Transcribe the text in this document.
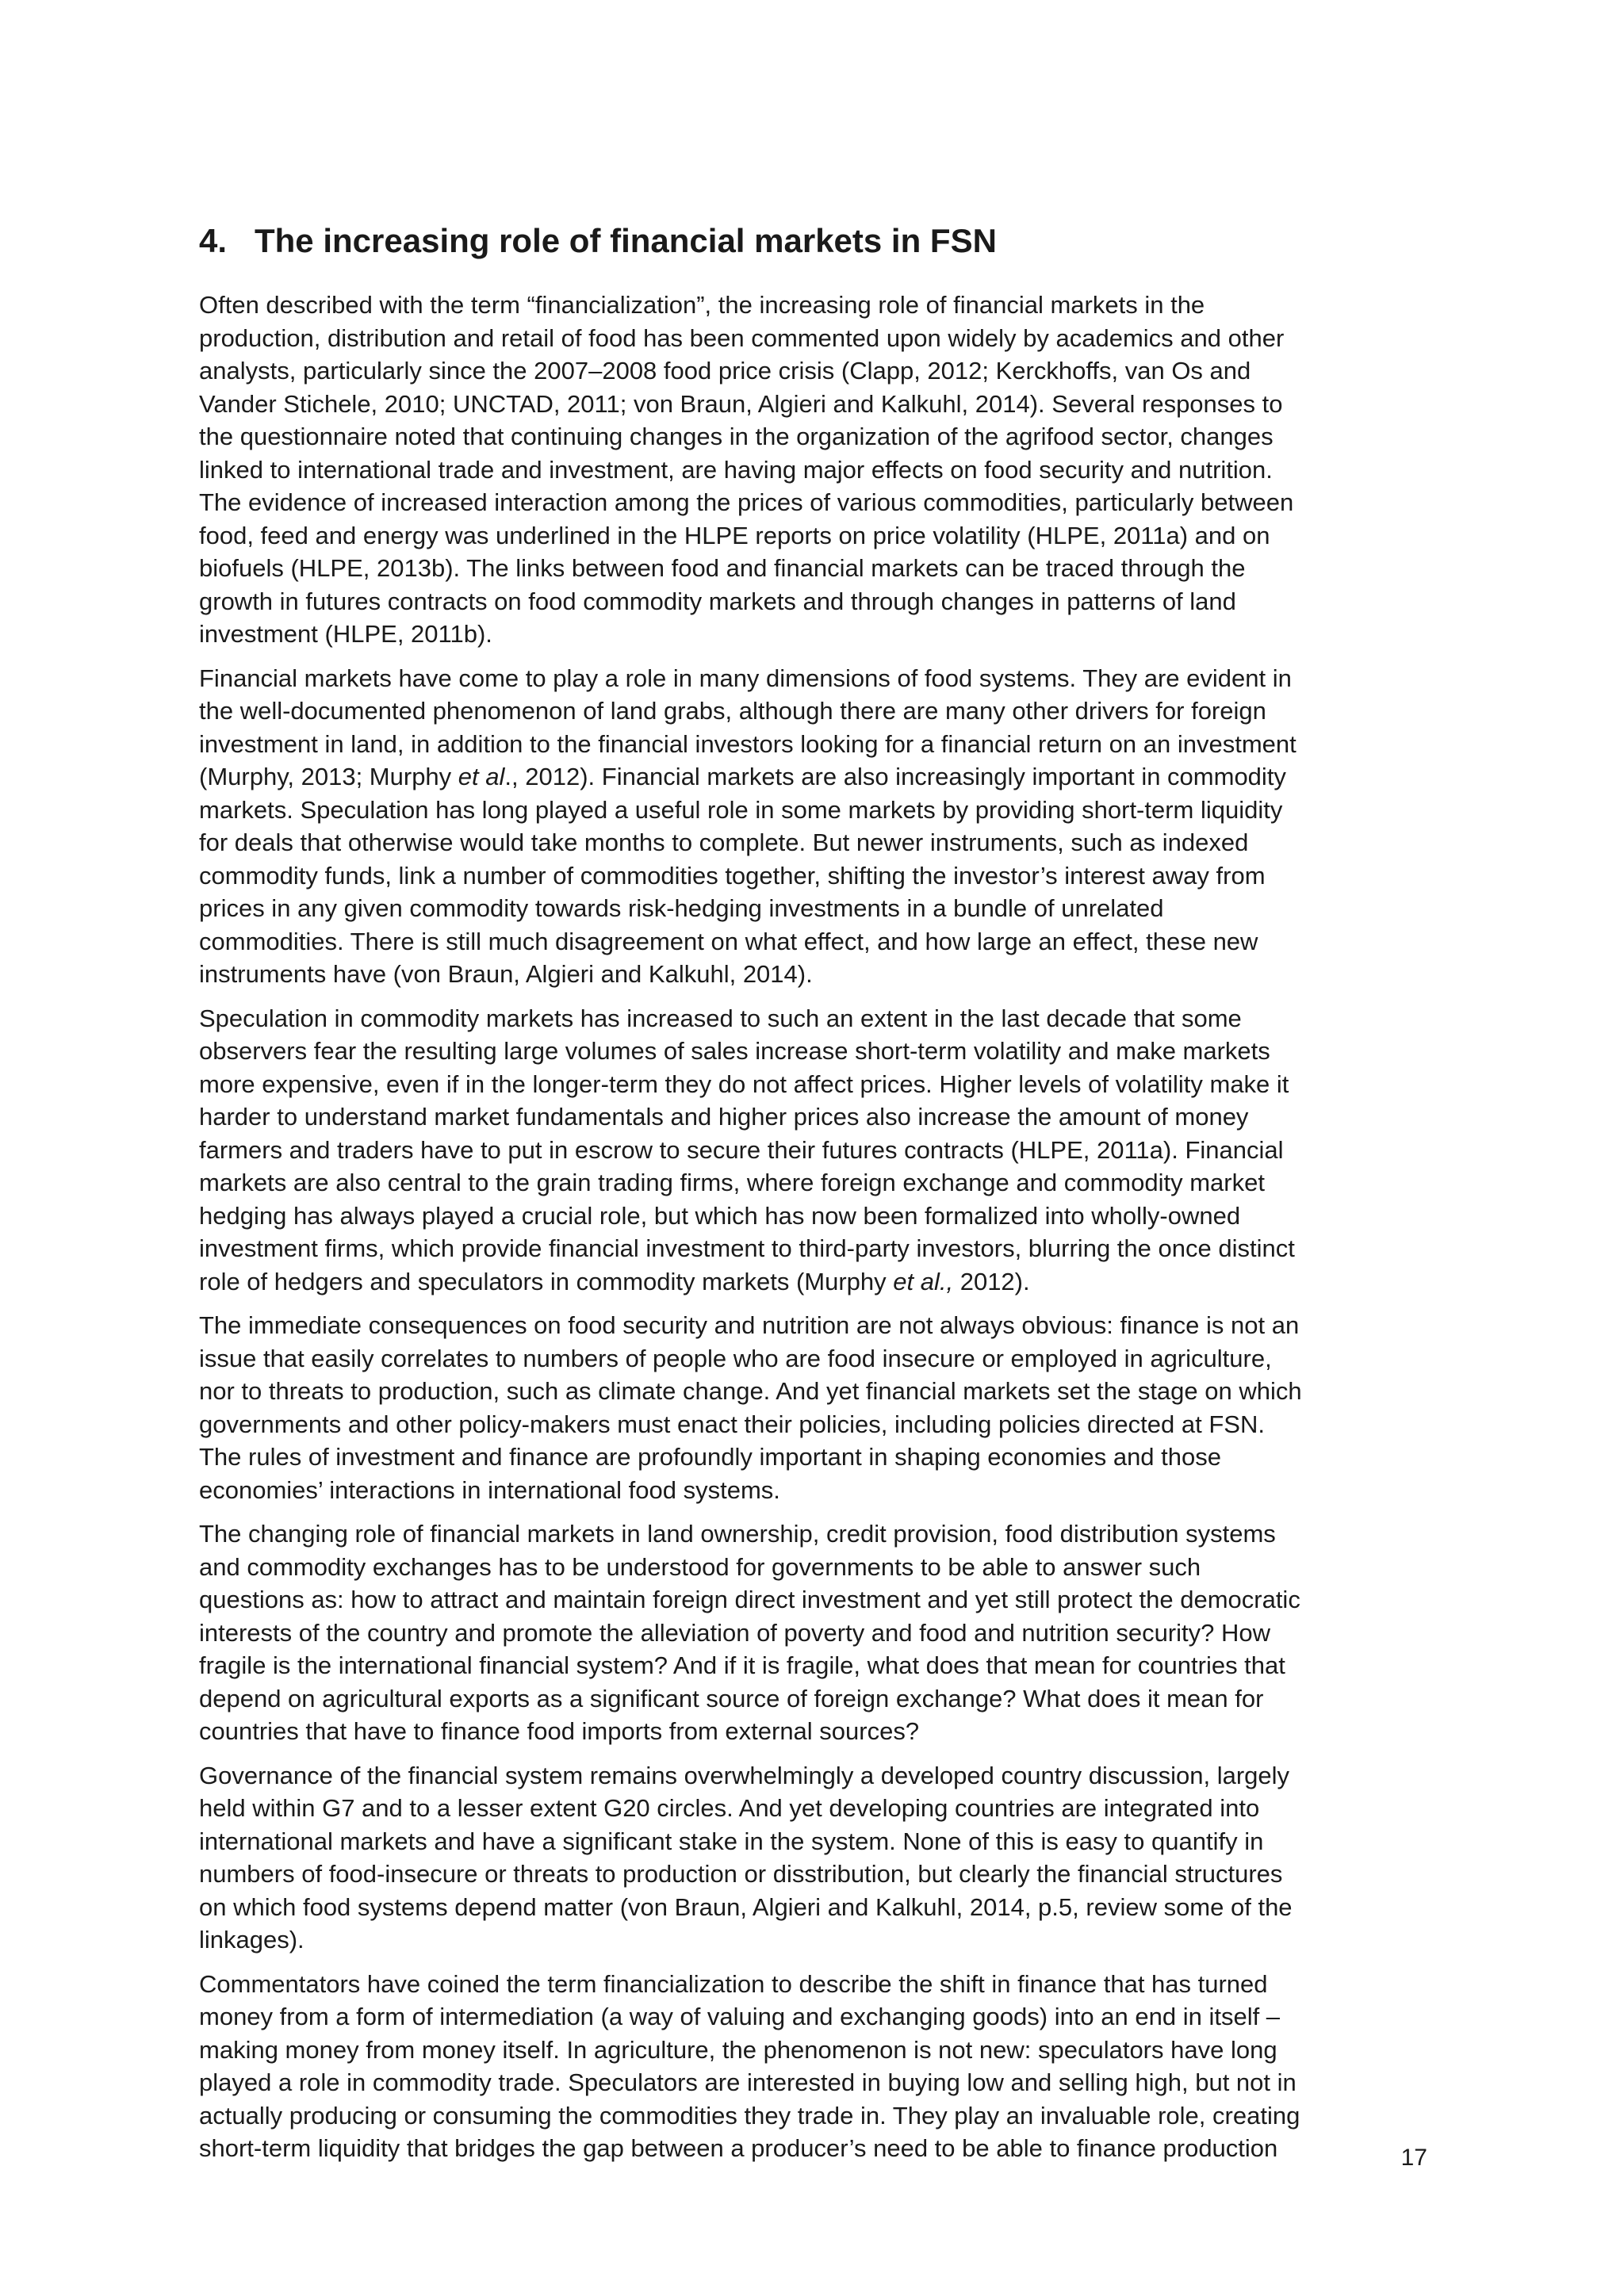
4. The increasing role of financial markets in FSN

Often described with the term “financialization”, the increasing role of financial markets in the
production, distribution and retail of food has been commented upon widely by academics and other
analysts, particularly since the 2007–2008 food price crisis (Clapp, 2012; Kerckhoffs, van Os and
Vander Stichele, 2010; UNCTAD, 2011; von Braun, Algieri and Kalkuhl, 2014). Several responses to
the questionnaire noted that continuing changes in the organization of the agrifood sector, changes
linked to international trade and investment, are having major effects on food security and nutrition.
The evidence of increased interaction among the prices of various commodities, particularly between
food, feed and energy was underlined in the HLPE reports on price volatility (HLPE, 2011a) and on
biofuels (HLPE, 2013b). The links between food and financial markets can be traced through the
growth in futures contracts on food commodity markets and through changes in patterns of land
investment (HLPE, 2011b).

Financial markets have come to play a role in many dimensions of food systems. They are evident in
the well-documented phenomenon of land grabs, although there are many other drivers for foreign
investment in land, in addition to the financial investors looking for a financial return on an investment
(Murphy, 2013; Murphy et al., 2012). Financial markets are also increasingly important in commodity
markets. Speculation has long played a useful role in some markets by providing short-term liquidity
for deals that otherwise would take months to complete. But newer instruments, such as indexed
commodity funds, link a number of commodities together, shifting the investor’s interest away from
prices in any given commodity towards risk-hedging investments in a bundle of unrelated
commodities. There is still much disagreement on what effect, and how large an effect, these new
instruments have (von Braun, Algieri and Kalkuhl, 2014).

Speculation in commodity markets has increased to such an extent in the last decade that some
observers fear the resulting large volumes of sales increase short-term volatility and make markets
more expensive, even if in the longer-term they do not affect prices. Higher levels of volatility make it
harder to understand market fundamentals and higher prices also increase the amount of money
farmers and traders have to put in escrow to secure their futures contracts (HLPE, 2011a). Financial
markets are also central to the grain trading firms, where foreign exchange and commodity market
hedging has always played a crucial role, but which has now been formalized into wholly-owned
investment firms, which provide financial investment to third-party investors, blurring the once distinct
role of hedgers and speculators in commodity markets (Murphy et al., 2012).

The immediate consequences on food security and nutrition are not always obvious: finance is not an
issue that easily correlates to numbers of people who are food insecure or employed in agriculture,
nor to threats to production, such as climate change. And yet financial markets set the stage on which
governments and other policy-makers must enact their policies, including policies directed at FSN.
The rules of investment and finance are profoundly important in shaping economies and those
economies’ interactions in international food systems.

The changing role of financial markets in land ownership, credit provision, food distribution systems
and commodity exchanges has to be understood for governments to be able to answer such
questions as: how to attract and maintain foreign direct investment and yet still protect the democratic
interests of the country and promote the alleviation of poverty and food and nutrition security? How
fragile is the international financial system? And if it is fragile, what does that mean for countries that
depend on agricultural exports as a significant source of foreign exchange? What does it mean for
countries that have to finance food imports from external sources?

Governance of the financial system remains overwhelmingly a developed country discussion, largely
held within G7 and to a lesser extent G20 circles. And yet developing countries are integrated into
international markets and have a significant stake in the system. None of this is easy to quantify in
numbers of food-insecure or threats to production or disstribution, but clearly the financial structures
on which food systems depend matter (von Braun, Algieri and Kalkuhl, 2014, p.5, review some of the
linkages).

Commentators have coined the term financialization to describe the shift in finance that has turned
money from a form of intermediation (a way of valuing and exchanging goods) into an end in itself –
making money from money itself. In agriculture, the phenomenon is not new: speculators have long
played a role in commodity trade. Speculators are interested in buying low and selling high, but not in
actually producing or consuming the commodities they trade in. They play an invaluable role, creating
short-term liquidity that bridges the gap between a producer’s need to be able to finance production	17
